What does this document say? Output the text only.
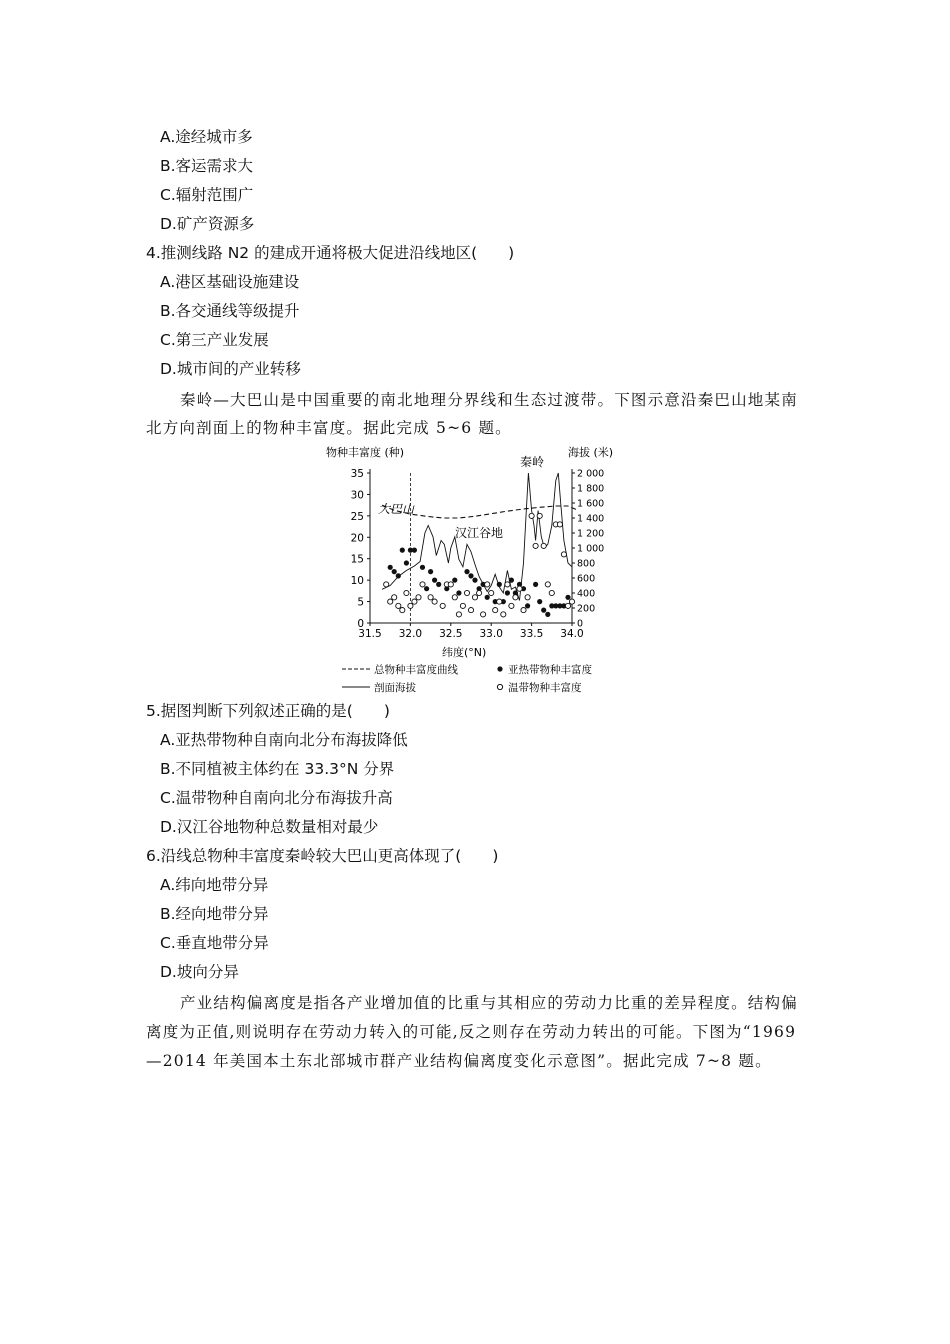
A.途经城市多
B.客运需求大
C.辐射范围广
D.矿产资源多
4.推测线路 N2 的建成开通将极大促进沿线地区(　　)
A.港区基础设施建设
B.各交通线等级提升
C.第三产业发展
D.城市间的产业转移
秦岭—大巴山是中国重要的南北地理分界线和生态过渡带。下图示意沿秦巴山地某南
北方向剖面上的物种丰富度。据此完成 5~6 题。
物种丰富度 (种)	海拔 (米)
31.5 32.0 32.5 33.0 33.5 34.0
0
5
10
15
20
25
30
35
0
200
400
600
800
1 000
1 200
1 400
1 600
1 800
2 000
大巴山
汉江谷地
秦岭
纬度(°N)
总物种丰富度曲线	亚热带物种丰富度
剖面海拔	温带物种丰富度
5.据图判断下列叙述正确的是(　　)
A.亚热带物种自南向北分布海拔降低
B.不同植被主体约在 33.3°N 分界
C.温带物种自南向北分布海拔升高
D.汉江谷地物种总数量相对最少
6.沿线总物种丰富度秦岭较大巴山更高体现了(　　)
A.纬向地带分异
B.经向地带分异
C.垂直地带分异
D.坡向分异
产业结构偏离度是指各产业增加值的比重与其相应的劳动力比重的差异程度。结构偏
离度为正值,则说明存在劳动力转入的可能,反之则存在劳动力转出的可能。下图为“1969
—2014 年美国本土东北部城市群产业结构偏离度变化示意图”。据此完成 7~8 题。
